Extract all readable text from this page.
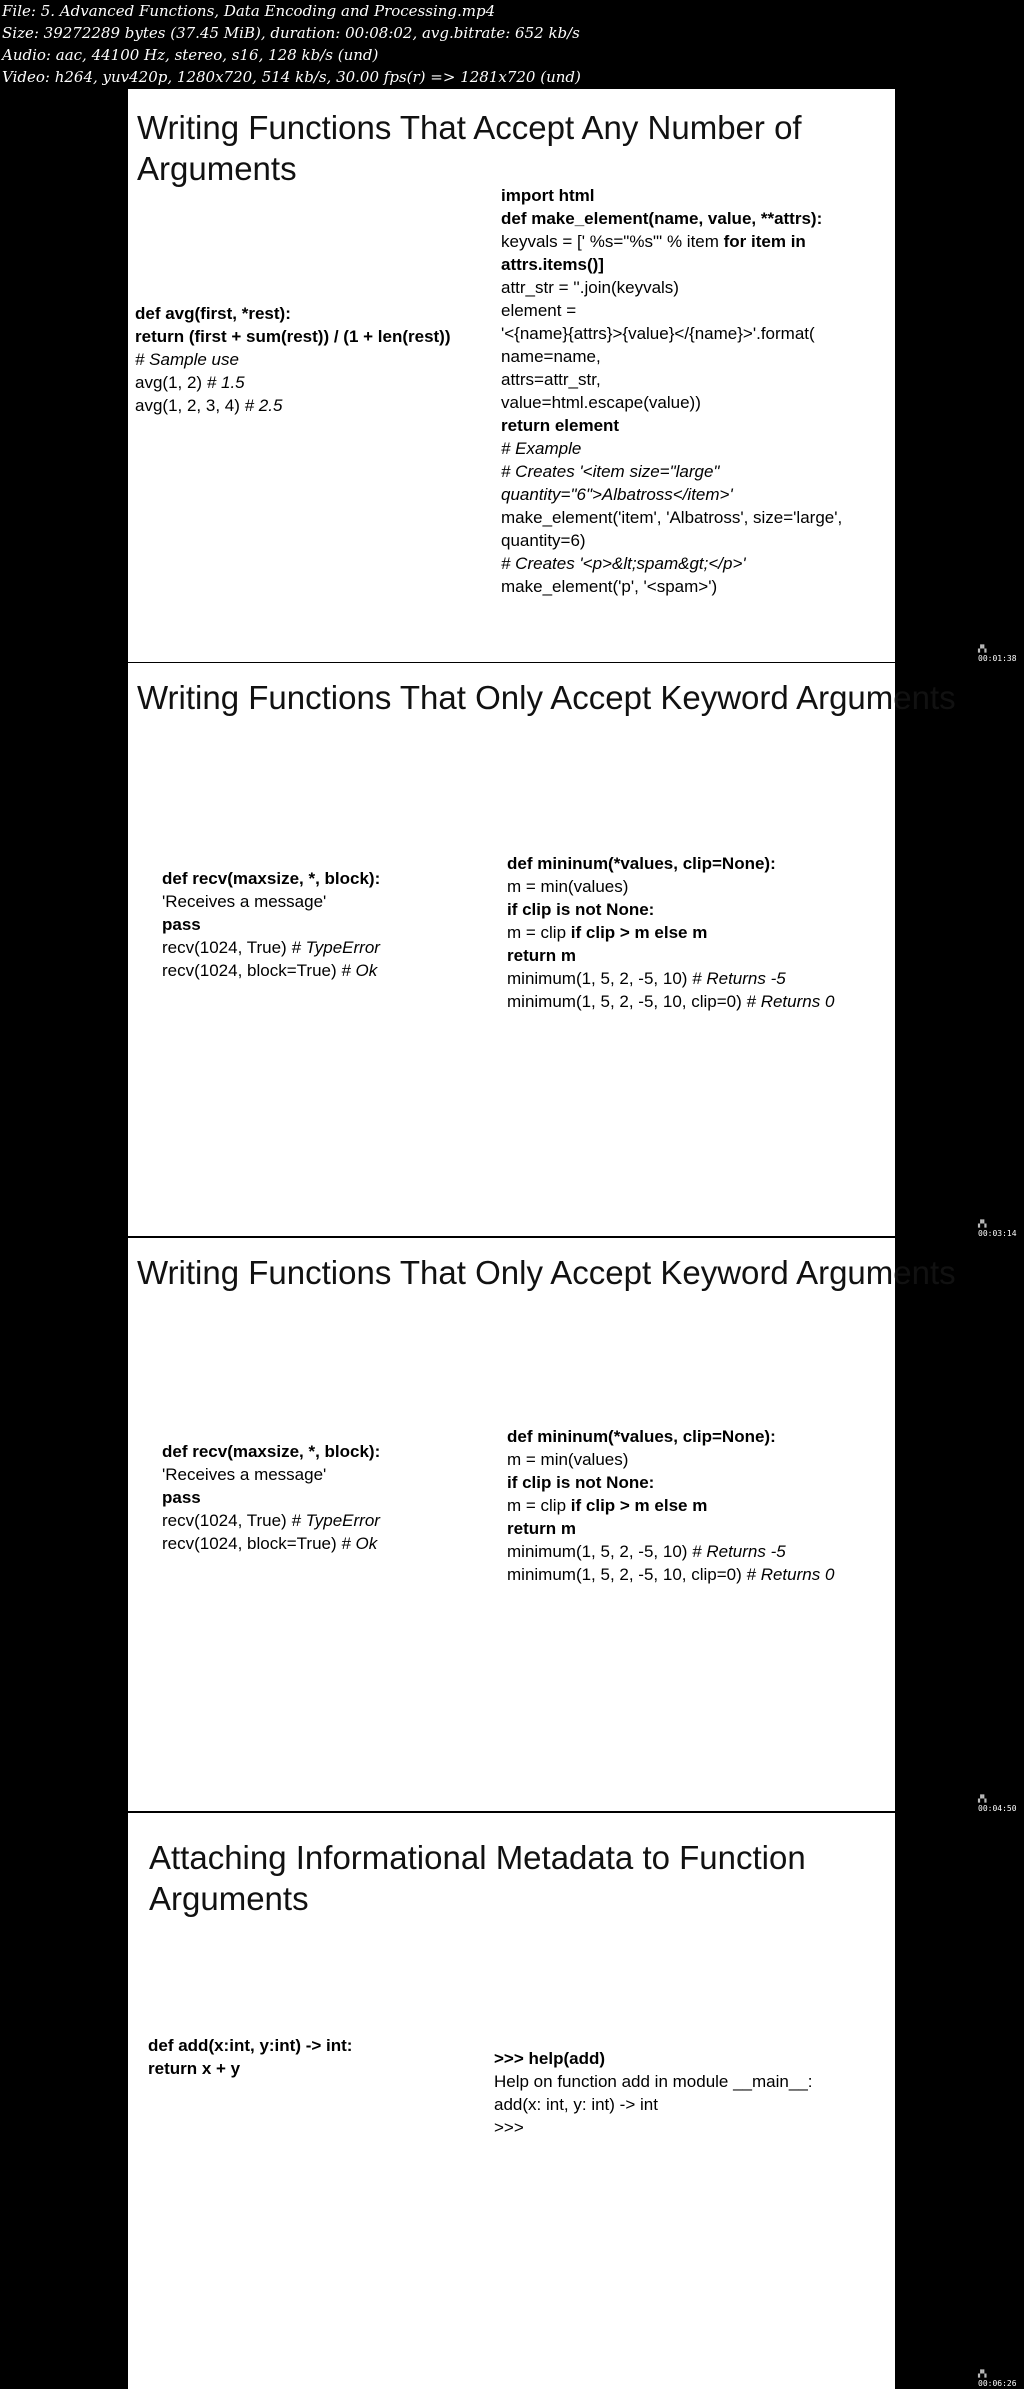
File: 5. Advanced Functions, Data Encoding and Processing.mp4
Size: 39272289 bytes (37.45 MiB), duration: 00:08:02, avg.bitrate: 652 kb/s
Audio: aac, 44100 Hz, stereo, s16, 128 kb/s (und)
Video: h264, yuv420p, 1280x720, 514 kb/s, 30.00 fps(r) => 1281x720 (und)
Writing Functions That Accept Any Number of
Arguments
def avg(first, *rest):
return (first + sum(rest)) / (1 + len(rest))
# Sample use
avg(1, 2) # 1.5
avg(1, 2, 3, 4) # 2.5
import html
def make_element(name, value, **attrs):
keyvals = [' %s="%s"' % item for item in
attrs.items()]
attr_str = ''.join(keyvals)
element =
'<{name}{attrs}>{value}</{name}>'.format(
name=name,
attrs=attr_str,
value=html.escape(value))
return element
# Example
# Creates '<item size="large"
quantity="6">Albatross</item>'
make_element('item', 'Albatross', size='large',
quantity=6)
# Creates '<p>&lt;spam&gt;</p>'
make_element('p', '<spam>')
▞▚
00:01:38
Writing Functions That Only Accept Keyword Arguments
def recv(maxsize, *, block):
'Receives a message'
pass
recv(1024, True) # TypeError
recv(1024, block=True) # Ok
def mininum(*values, clip=None):
m = min(values)
if clip is not None:
m = clip if clip > m else m
return m
minimum(1, 5, 2, -5, 10) # Returns -5
minimum(1, 5, 2, -5, 10, clip=0) # Returns 0
▞▚
00:03:14
Writing Functions That Only Accept Keyword Arguments
def recv(maxsize, *, block):
'Receives a message'
pass
recv(1024, True) # TypeError
recv(1024, block=True) # Ok
def mininum(*values, clip=None):
m = min(values)
if clip is not None:
m = clip if clip > m else m
return m
minimum(1, 5, 2, -5, 10) # Returns -5
minimum(1, 5, 2, -5, 10, clip=0) # Returns 0
▞▚
00:04:50
Attaching Informational Metadata to Function
Arguments
def add(x:int, y:int) -> int:
return x + y
>>> help(add)
Help on function add in module __main__:
add(x: int, y: int) -> int
>>>
▞▚
00:06:26
